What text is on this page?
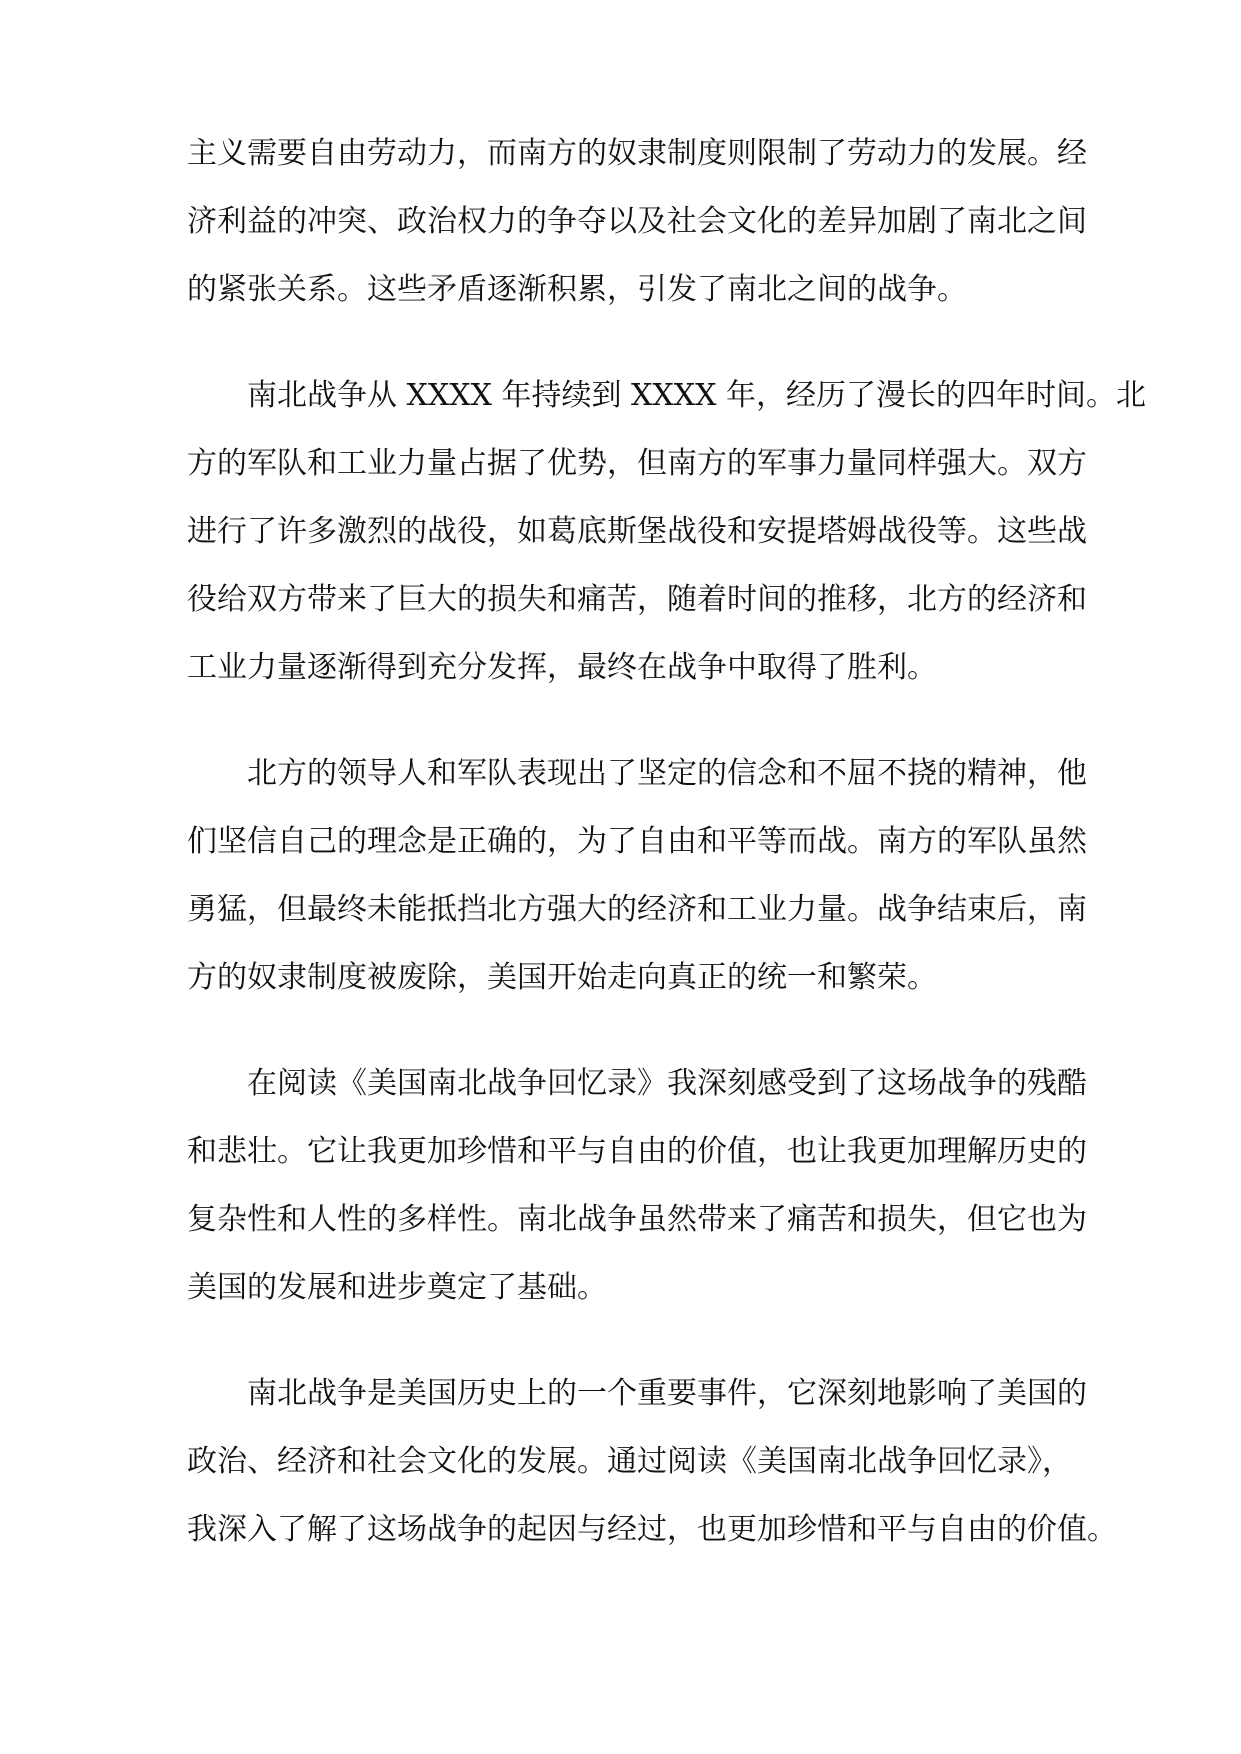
主义需要自由劳动力，而南方的奴隶制度则限制了劳动力的发展。经
济利益的冲突、政治权力的争夺以及社会文化的差异加剧了南北之间
的紧张关系。这些矛盾逐渐积累，引发了南北之间的战争。
南北战争从 XXXX 年持续到 XXXX 年，经历了漫长的四年时间。北
方的军队和工业力量占据了优势，但南方的军事力量同样强大。双方
进行了许多激烈的战役，如葛底斯堡战役和安提塔姆战役等。这些战
役给双方带来了巨大的损失和痛苦，随着时间的推移，北方的经济和
工业力量逐渐得到充分发挥，最终在战争中取得了胜利。
北方的领导人和军队表现出了坚定的信念和不屈不挠的精神，他
们坚信自己的理念是正确的，为了自由和平等而战。南方的军队虽然
勇猛，但最终未能抵挡北方强大的经济和工业力量。战争结束后，南
方的奴隶制度被废除，美国开始走向真正的统一和繁荣。
在阅读《美国南北战争回忆录》我深刻感受到了这场战争的残酷
和悲壮。它让我更加珍惜和平与自由的价值，也让我更加理解历史的
复杂性和人性的多样性。南北战争虽然带来了痛苦和损失，但它也为
美国的发展和进步奠定了基础。
南北战争是美国历史上的一个重要事件，它深刻地影响了美国的
政治、经济和社会文化的发展。通过阅读《美国南北战争回忆录》，
我深入了解了这场战争的起因与经过，也更加珍惜和平与自由的价值。
